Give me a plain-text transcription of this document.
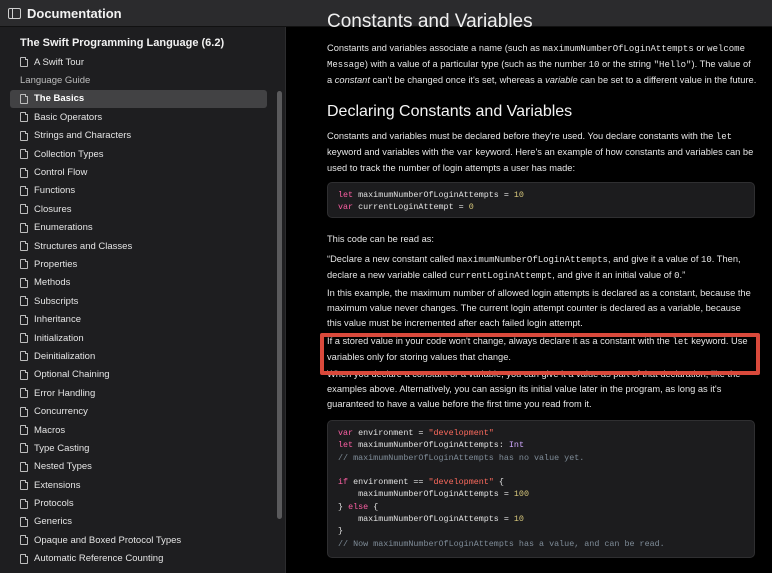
Documentation
The Swift Programming Language (6.2)
A Swift Tour
Language Guide
The Basics
Basic Operators
Strings and Characters
Collection Types
Control Flow
Functions
Closures
Enumerations
Structures and Classes
Properties
Methods
Subscripts
Inheritance
Initialization
Deinitialization
Optional Chaining
Error Handling
Concurrency
Macros
Type Casting
Nested Types
Extensions
Protocols
Generics
Opaque and Boxed Protocol Types
Automatic Reference Counting
Constants and Variables
Constants and variables associate a name (such as maximumNumberOfLoginAttempts or welcome Message) with a value of a particular type (such as the number 10 or the string "Hello"). The value of a constant can't be changed once it's set, whereas a variable can be set to a different value in the future.
Declaring Constants and Variables
Constants and variables must be declared before they're used. You declare constants with the let keyword and variables with the var keyword. Here's an example of how constants and variables can be used to track the number of login attempts a user has made:
let maximumNumberOfLoginAttempts = 10
var currentLoginAttempt = 0
This code can be read as:
“Declare a new constant called maximumNumberOfLoginAttempts, and give it a value of 10. Then, declare a new variable called currentLoginAttempt, and give it an initial value of 0.”
In this example, the maximum number of allowed login attempts is declared as a constant, because the maximum value never changes. The current login attempt counter is declared as a variable, because this value must be incremented after each failed login attempt.
If a stored value in your code won't change, always declare it as a constant with the let keyword. Use variables only for storing values that change.
When you declare a constant or a variable, you can give it a value as part of that declaration, like the examples above. Alternatively, you can assign its initial value later in the program, as long as it's guaranteed to have a value before the first time you read from it.
var environment = "development"
let maximumNumberOfLoginAttempts: Int
// maximumNumberOfLoginAttempts has no value yet.

if environment == "development" {
maximumNumberOfLoginAttempts = 100
} else {
maximumNumberOfLoginAttempts = 10
}
// Now maximumNumberOfLoginAttempts has a value, and can be read.
